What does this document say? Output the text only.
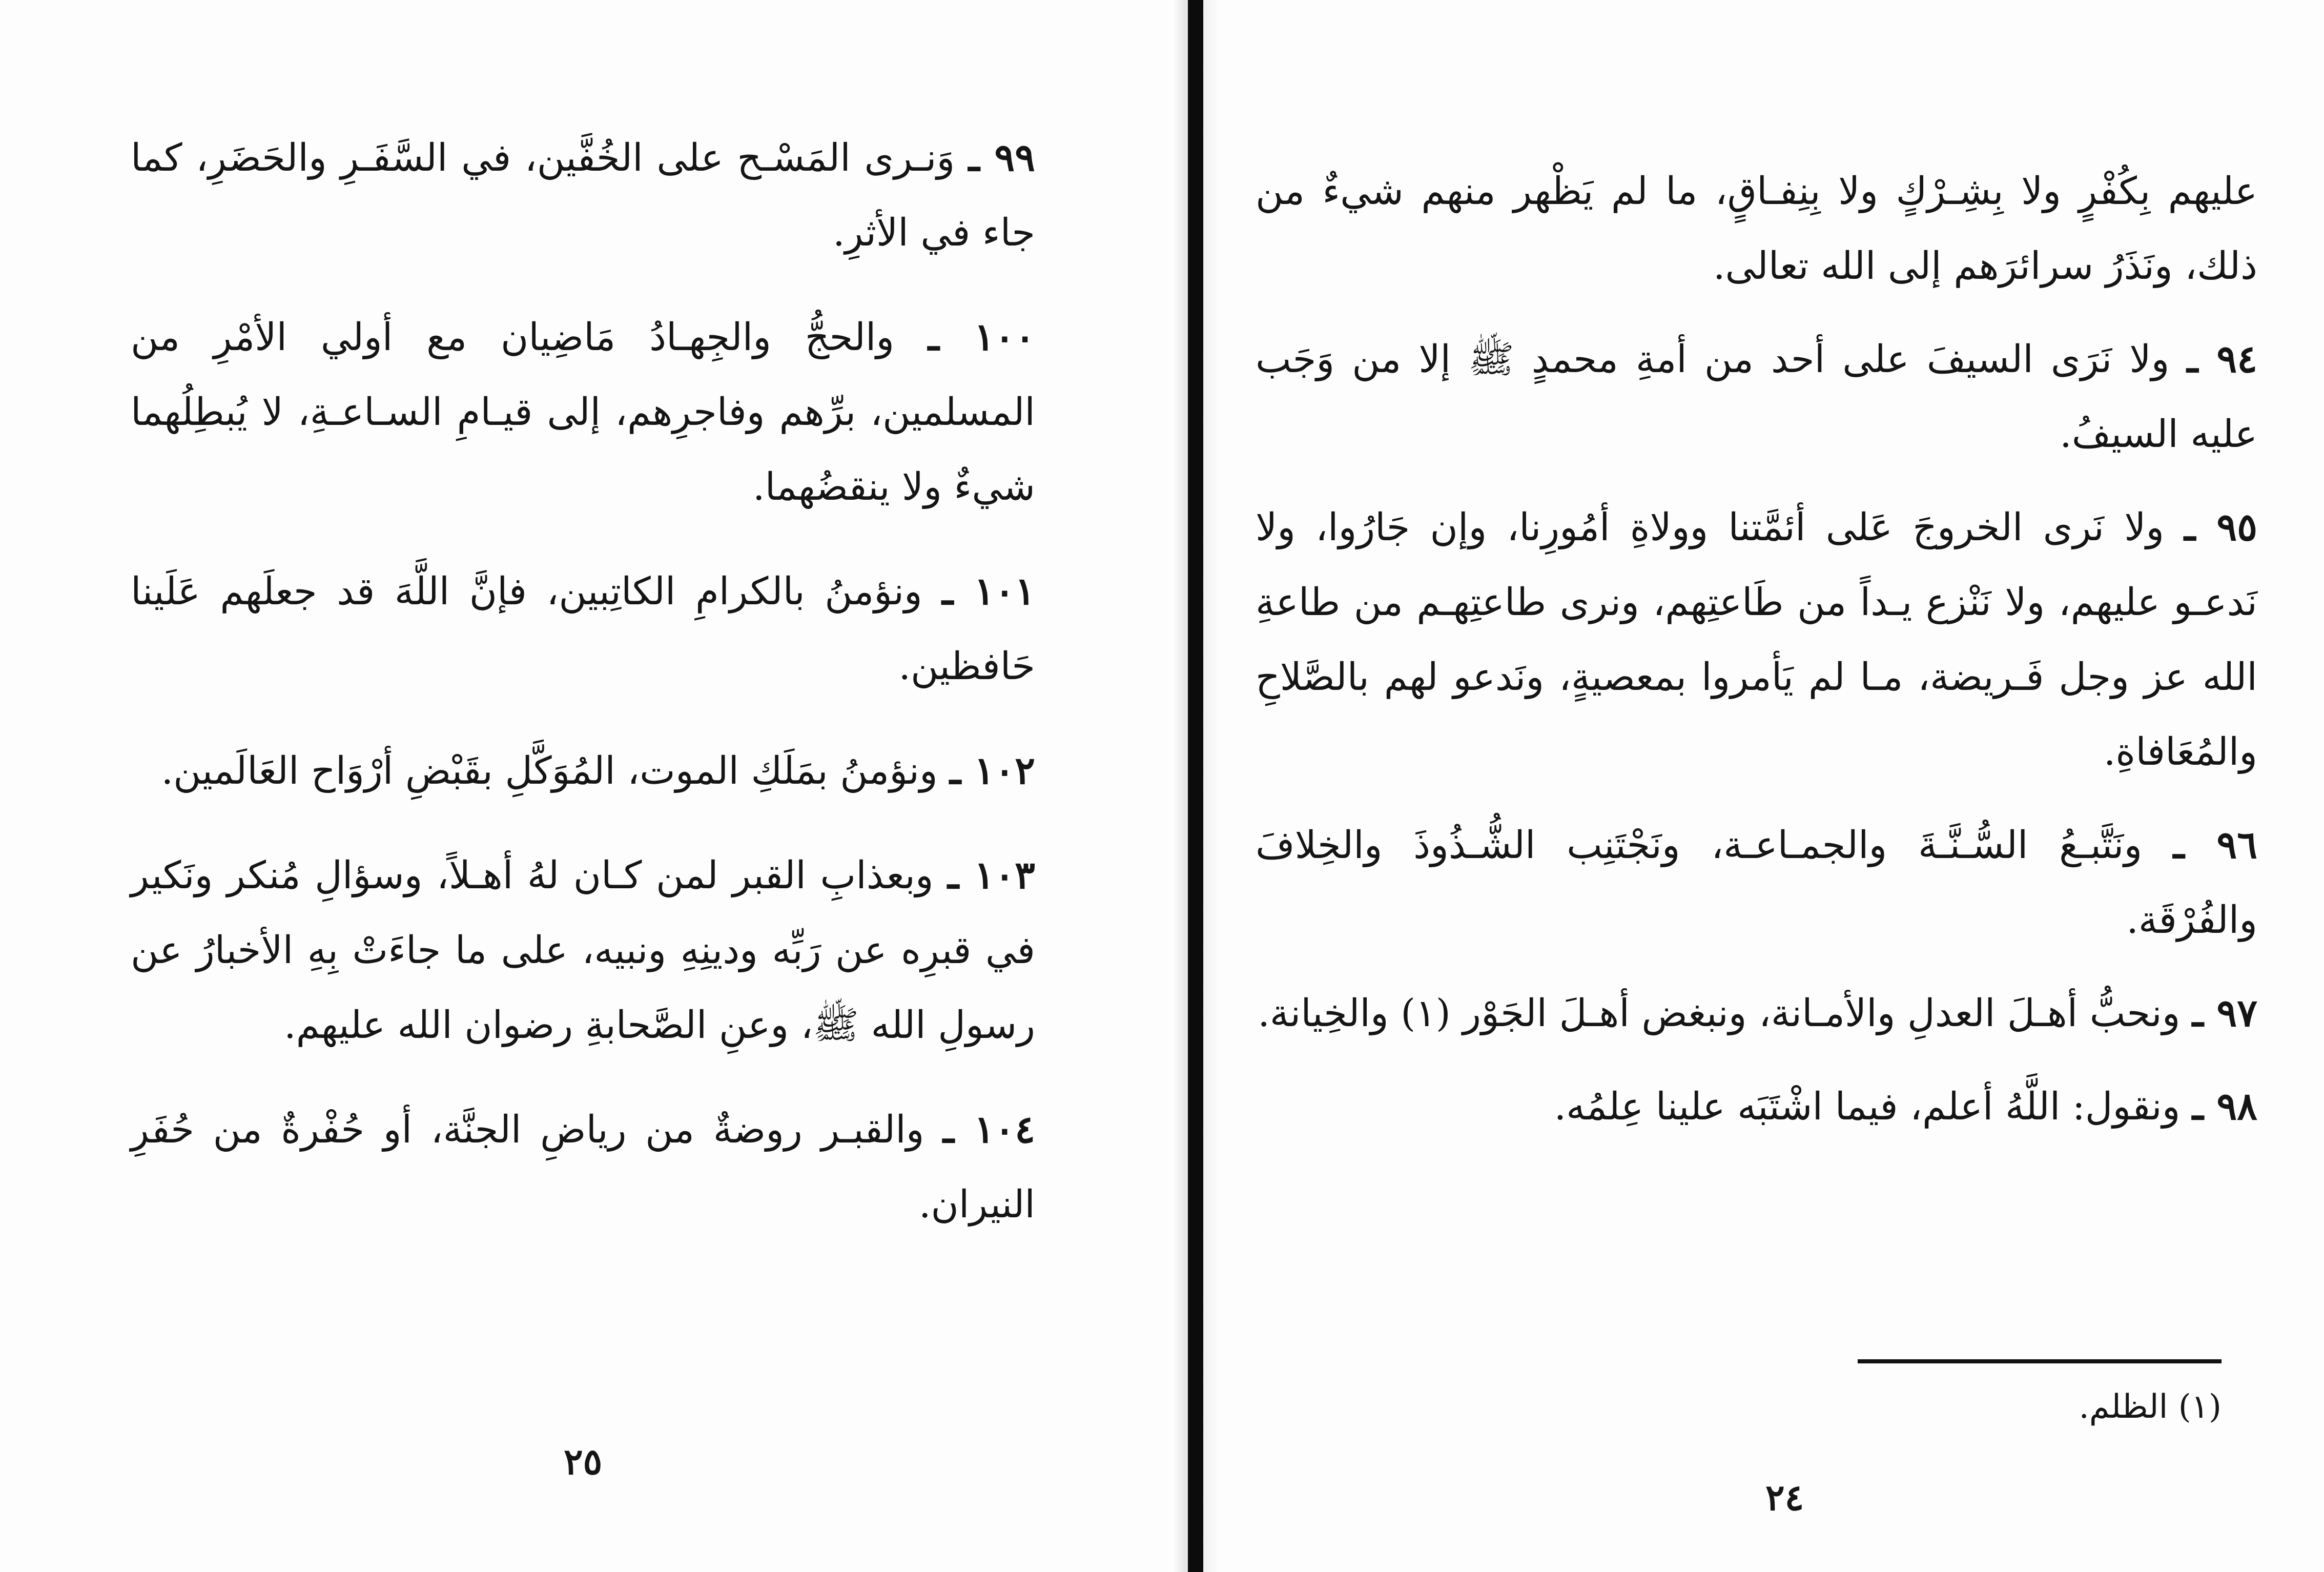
٩٩ ـ وَنـرى المَسْـح على الخُفَّين، في السَّفَـرِ والحَضَرِ، كما جاء في الأثرِ.

١٠٠ ـ والحجُّ والجِهـادُ مَاضِيان مع أولي الأمْرِ من المسلمين، برِّهم وفاجرِهم، إلى قيـامِ السـاعـةِ، لا يُبطِلُهما شيءٌ ولا ينقضُهما.

١٠١ ـ ونؤمنُ بالكرامِ الكاتِبين، فإنَّ اللَّهَ قد جعلَهم عَلَينا حَافظين.

١٠٢ ـ ونؤمنُ بمَلَكِ الموت، المُوَكَّلِ بقَبْضِ أرْوَاح العَالَمين.

١٠٣ ـ وبعذابِ القبر لمن كـان لهُ أهـلاً، وسؤالِ مُنكر ونَكير في قبرِه عن رَبِّه ودينِهِ ونبيه، على ما جاءَتْ بِهِ الأخبارُ عن رسولِ الله ﷺ، وعنِ الصَّحابةِ رضوان الله عليهم.

١٠٤ ـ والقبـر روضةٌ من رياضِ الجنَّة، أو حُفْرةٌ من حُفَرِ النيران.

٢٥

عليهم بِكُفْرٍ ولا بِشِـرْكٍ ولا بِنِفـاقٍ، ما لم يَظْهر منهم شيءٌ من ذلك، ونَذَرُ سرائرَهم إلى الله تعالى.

٩٤ ـ ولا نَرَى السيفَ على أحد من أمةِ محمدٍ ﷺ إلا من وَجَب عليه السيفُ.

٩٥ ـ ولا نَرى الخروجَ عَلى أئمَّتنا وولاةِ أمُورِنا، وإن جَارُوا، ولا نَدعـو عليهم، ولا نَنْزع يـداً من طَاعتِهم، ونرى طاعتِهـم من طاعةِ الله عز وجل فَـريضة، مـا لم يَأمروا بمعصيةٍ، ونَدعو لهم بالصَّلاحِ والمُعَافاةِ.

٩٦ ـ ونَتَّبـعُ السُّـنَّـةَ والجمـاعـة، ونَجْتَنِب الشُّـذُوذَ والخِلافَ والفُرْقَة.

٩٧ ـ ونحبُّ أهـلَ العدلِ والأمـانة، ونبغض أهـلَ الجَوْر (١) والخِيانة.

٩٨ ـ ونقول: اللَّهُ أعلم، فيما اشْتَبَه علينا عِلمُه.

(١) الظلم.
٢٤
